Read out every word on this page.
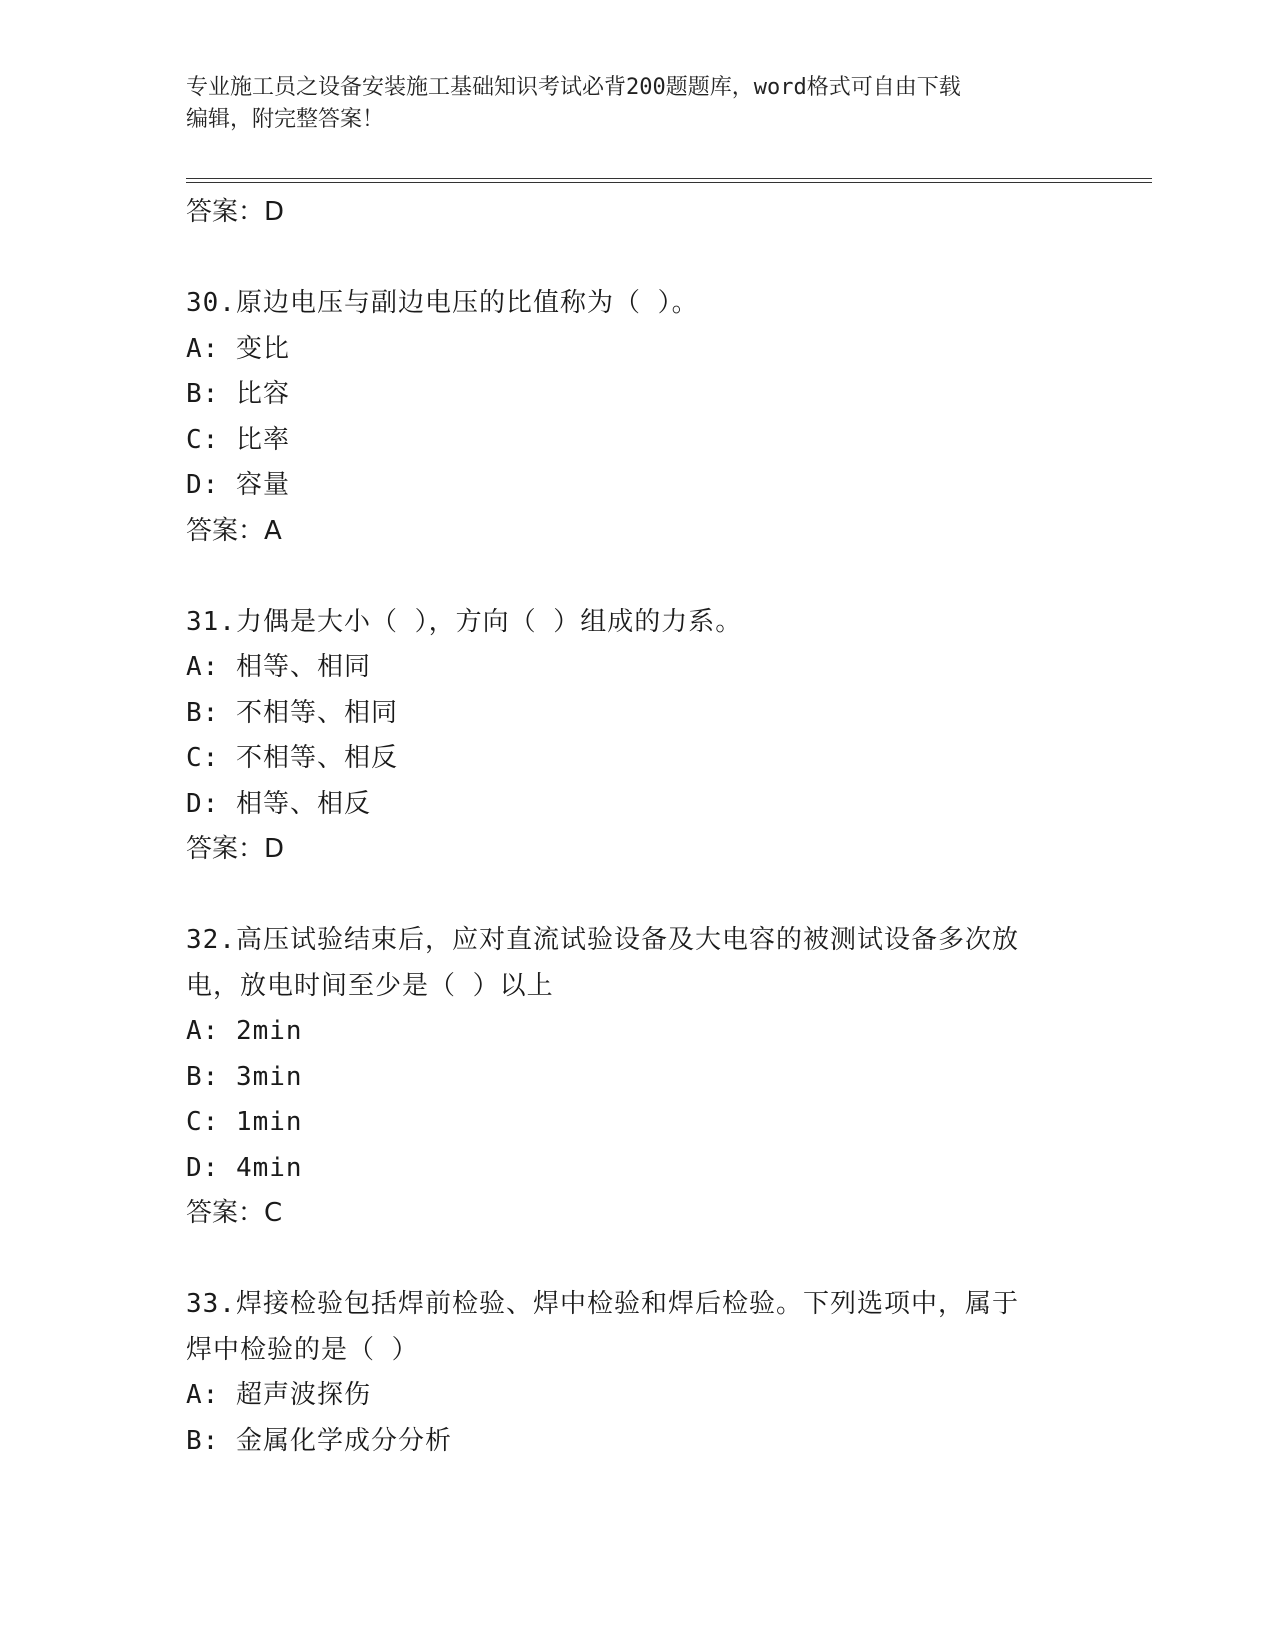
专业施工员之设备安装施工基础知识考试必背200题题库，word格式可自由下载
编辑，附完整答案！
答案：D
30.原边电压与副边电压的比值称为（ ）。
A: 变比
B: 比容
C: 比率
D: 容量
答案：A
31.力偶是大小（ ），方向（ ）组成的力系。
A: 相等、相同
B: 不相等、相同
C: 不相等、相反
D: 相等、相反
答案：D
32.高压试验结束后，应对直流试验设备及大电容的被测试设备多次放
电，放电时间至少是（ ）以上
A: 2min
B: 3min
C: 1min
D: 4min
答案：C
33.焊接检验包括焊前检验、焊中检验和焊后检验。下列选项中，属于
焊中检验的是（ ）
A: 超声波探伤
B: 金属化学成分分析
